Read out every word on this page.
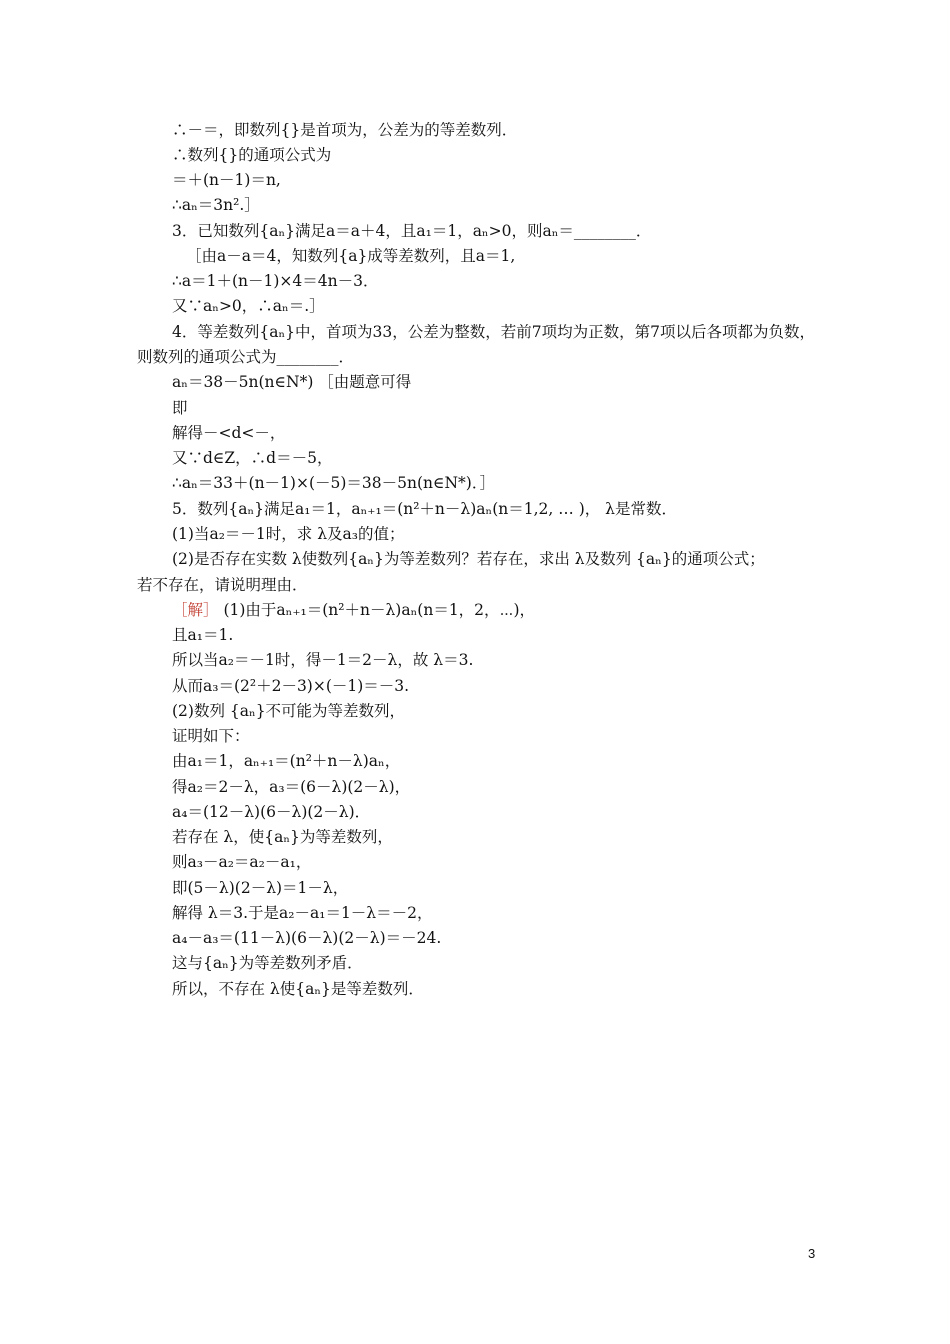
∴－＝，即数列{}是首项为，公差为的等差数列．
∴数列{}的通项公式为
＝＋(n－1)＝n,
∴aₙ＝3n².］
3．已知数列{aₙ}满足a＝a＋4，且a₁＝1，aₙ>0，则aₙ＝________．
［由a－a＝4，知数列{a}成等差数列，且a＝1,
∴a＝1＋(n－1)×4＝4n－3．
又∵aₙ>0，∴aₙ＝.］
4．等差数列{aₙ}中，首项为33，公差为整数，若前7项均为正数，第7项以后各项都为负数，
则数列的通项公式为________．
aₙ＝38－5n(n∈N*) ［由题意可得
即
解得－<d<－，
又∵d∈Z，∴d＝－5，
∴aₙ＝33＋(n－1)×(－5)＝38－5n(n∈N*)．］
5．数列{aₙ}满足a₁＝1，aₙ₊₁＝(n²＋n－λ)aₙ(n＝1,2, … )， λ是常数．
(1)当a₂＝－1时，求 λ及a₃的值；
(2)是否存在实数 λ使数列{aₙ}为等差数列？若存在，求出 λ及数列 {aₙ}的通项公式；
若不存在，请说明理由．
［解］ (1)由于aₙ₊₁＝(n²＋n－λ)aₙ(n＝1，2，⋯)，
且a₁＝1.
所以当a₂＝－1时，得－1＝2－λ，故 λ＝3.
从而a₃＝(2²＋2－3)×(－1)＝－3.
(2)数列 {aₙ}不可能为等差数列，
证明如下：
由a₁＝1，aₙ₊₁＝(n²＋n－λ)aₙ，
得a₂＝2－λ，a₃＝(6－λ)(2－λ)，
a₄＝(12－λ)(6－λ)(2－λ)．
若存在 λ，使{aₙ}为等差数列，
则a₃－a₂＝a₂－a₁，
即(5－λ)(2－λ)＝1－λ，
解得 λ＝3.于是a₂－a₁＝1－λ＝－2，
a₄－a₃＝(11－λ)(6－λ)(2－λ)＝－24.
这与{aₙ}为等差数列矛盾．
所以，不存在 λ使{aₙ}是等差数列．
3
